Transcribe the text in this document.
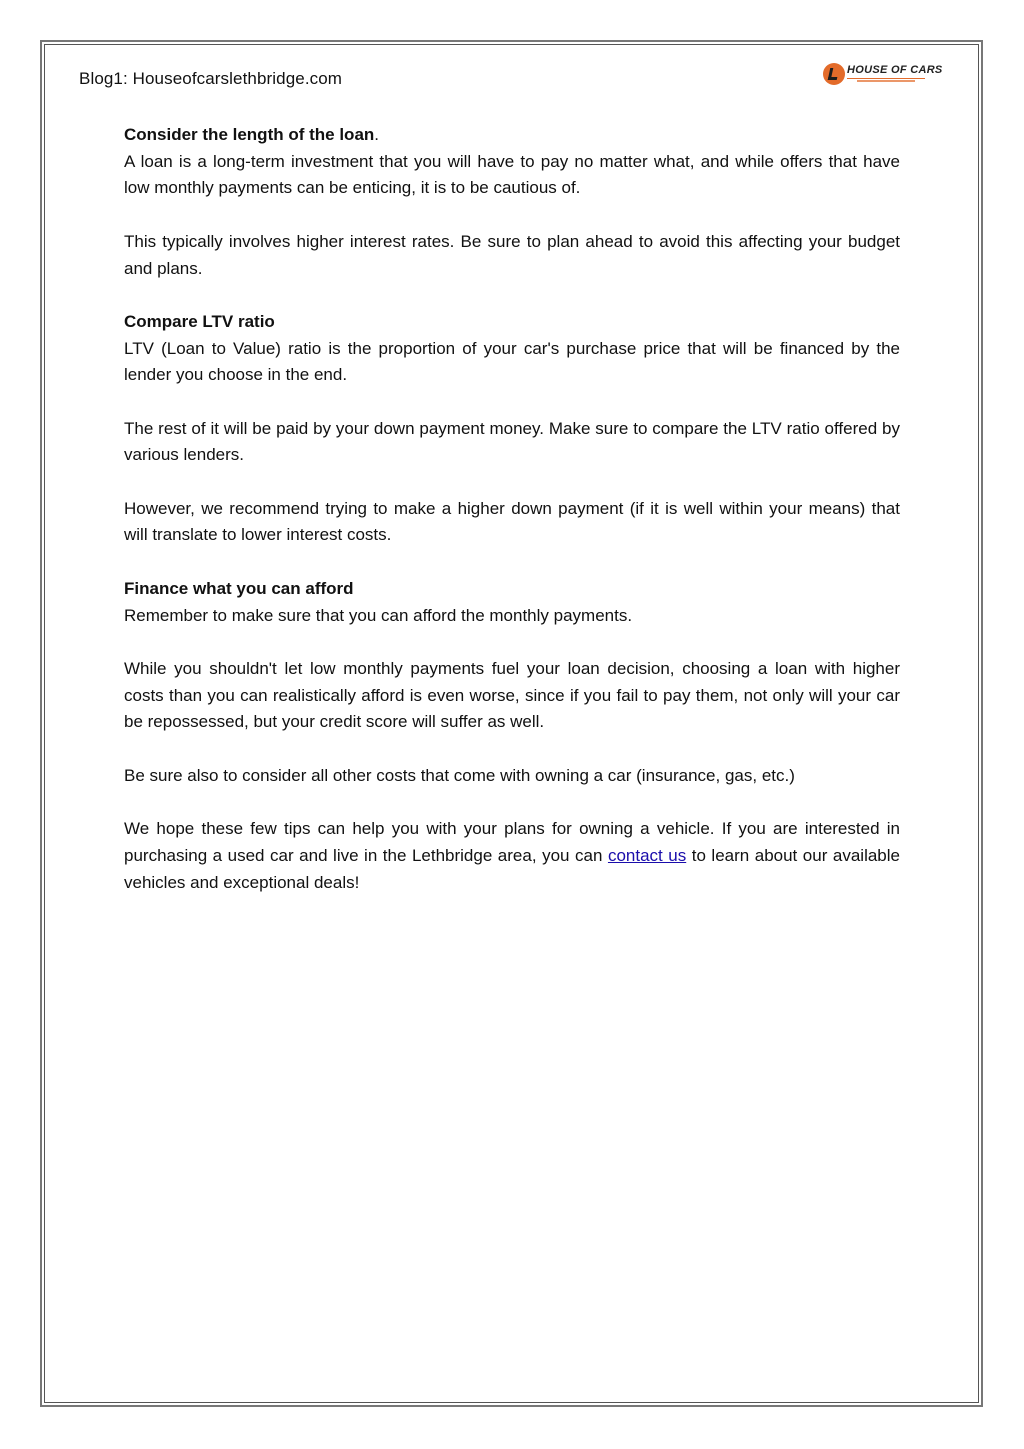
Blog1: Houseofcarslethbridge.com	HOUSE OF CARS
Consider the length of the loan.

A loan is a long-term investment that you will have to pay no matter what, and while offers that have low monthly payments can be enticing, it is to be cautious of.

This typically involves higher interest rates. Be sure to plan ahead to avoid this affecting your budget and plans.

Compare LTV ratio

LTV (Loan to Value) ratio is the proportion of your car's purchase price that will be financed by the lender you choose in the end.

The rest of it will be paid by your down payment money. Make sure to compare the LTV ratio offered by various lenders.

However, we recommend trying to make a higher down payment (if it is well within your means) that will translate to lower interest costs.

Finance what you can afford

Remember to make sure that you can afford the monthly payments.

While you shouldn't let low monthly payments fuel your loan decision, choosing a loan with higher costs than you can realistically afford is even worse, since if you fail to pay them, not only will your car be repossessed, but your credit score will suffer as well.

Be sure also to consider all other costs that come with owning a car (insurance, gas, etc.)

We hope these few tips can help you with your plans for owning a vehicle. If you are interested in purchasing a used car and live in the Lethbridge area, you can contact us to learn about our available vehicles and exceptional deals!
